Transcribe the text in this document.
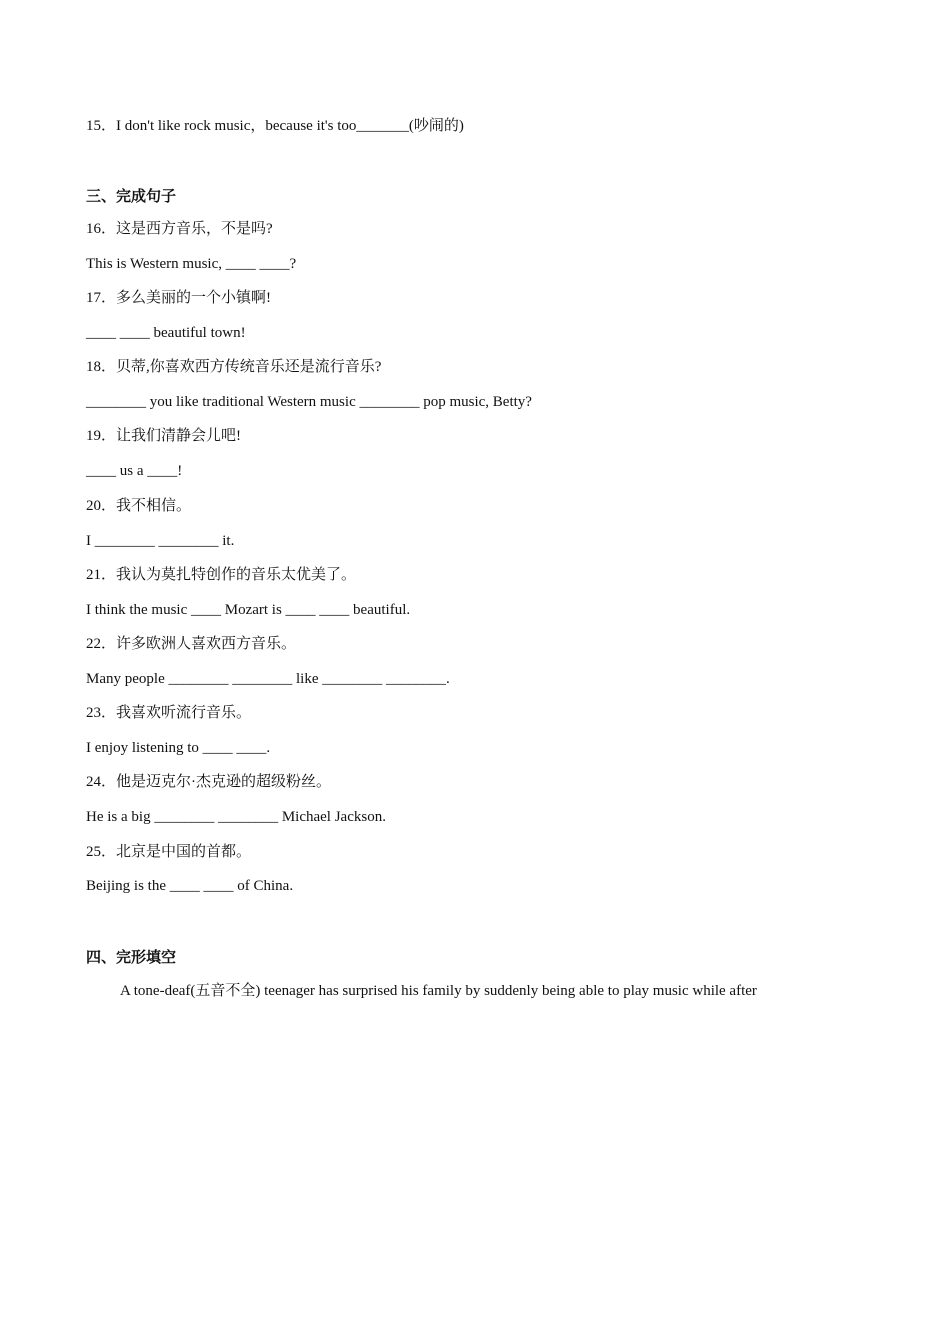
15．I don't like rock music，because it's too_______(吵闹的)
三、完成句子
16．这是西方音乐，不是吗?
This is Western music, ____ ____?
17．多么美丽的一个小镇啊!
____ ____ beautiful town!
18．贝蒂,你喜欢西方传统音乐还是流行音乐?
________ you like traditional Western music ________ pop music, Betty?
19．让我们清静会儿吧!
____ us a ____!
20．我不相信。
I ________ ________ it.
21．我认为莫扎特创作的音乐太优美了。
I think the music ____ Mozart is ____ ____ beautiful.
22．许多欧洲人喜欢西方音乐。
Many people ________ ________ like ________ ________.
23．我喜欢听流行音乐。
I enjoy listening to ____ ____.
24．他是迈克尔·杰克逊的超级粉丝。
He is a big ________ ________ Michael Jackson.
25．北京是中国的首都。
Beijing is the ____ ____ of China.
四、完形填空
A tone-deaf(五音不全) teenager has surprised his family by suddenly being able to play music while after
